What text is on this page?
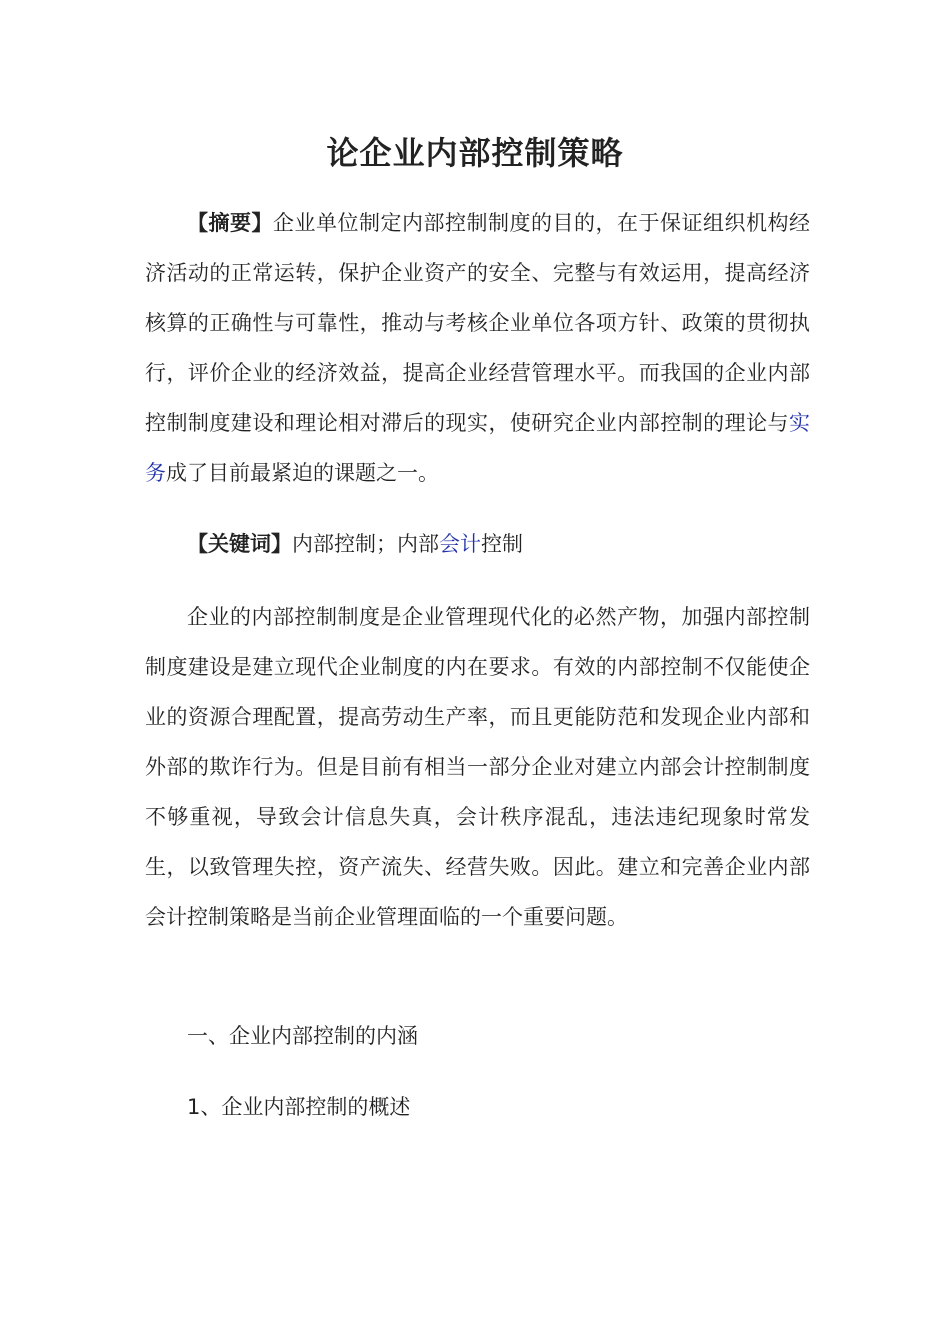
论企业内部控制策略
【摘要】企业单位制定内部控制制度的目的，在于保证组织机构经济活动的正常运转，保护企业资产的安全、完整与有效运用，提高经济核算的正确性与可靠性，推动与考核企业单位各项方针、政策的贯彻执行，评价企业的经济效益，提高企业经营管理水平。而我国的企业内部控制制度建设和理论相对滞后的现实，使研究企业内部控制的理论与实务成了目前最紧迫的课题之一。
【关键词】内部控制；内部会计控制
企业的内部控制制度是企业管理现代化的必然产物，加强内部控制制度建设是建立现代企业制度的内在要求。有效的内部控制不仅能使企业的资源合理配置，提高劳动生产率，而且更能防范和发现企业内部和外部的欺诈行为。但是目前有相当一部分企业对建立内部会计控制制度不够重视，导致会计信息失真，会计秩序混乱，违法违纪现象时常发生，以致管理失控，资产流失、经营失败。因此。建立和完善企业内部会计控制策略是当前企业管理面临的一个重要问题。
一、企业内部控制的内涵
1、企业内部控制的概述
